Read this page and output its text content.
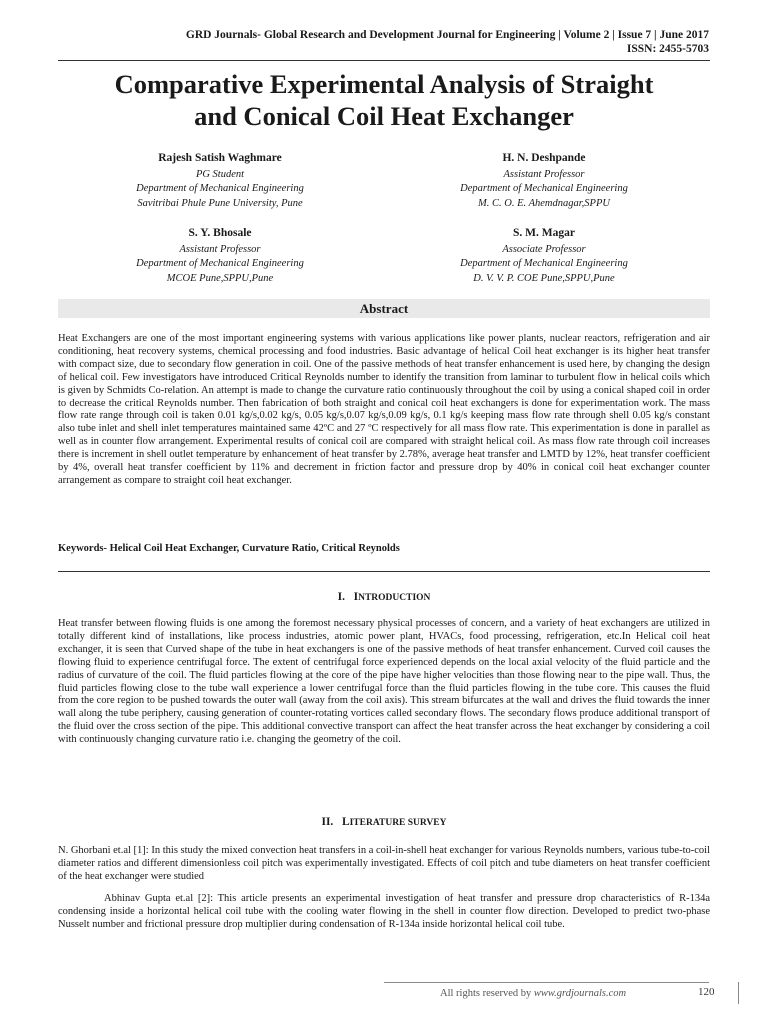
GRD Journals- Global Research and Development Journal for Engineering | Volume 2 | Issue 7 | June 2017
ISSN: 2455-5703
Comparative Experimental Analysis of Straight
and Conical Coil Heat Exchanger
Rajesh Satish Waghmare
PG Student
Department of Mechanical Engineering
Savitribai Phule Pune University, Pune
H. N. Deshpande
Assistant Professor
Department of Mechanical Engineering
M. C. O. E. Ahemdnagar,SPPU
S. Y. Bhosale
Assistant Professor
Department of Mechanical Engineering
MCOE Pune,SPPU,Pune
S. M. Magar
Associate Professor
Department of Mechanical Engineering
D. V. V. P. COE Pune,SPPU,Pune
Abstract
Heat Exchangers are one of the most important engineering systems with various applications like power plants, nuclear reactors, refrigeration and air conditioning, heat recovery systems, chemical processing and food industries. Basic advantage of helical Coil heat exchanger is its higher heat transfer with compact size, due to secondary flow generation in coil. One of the passive methods of heat transfer enhancement is used here, by changing the design of helical coil. Few investigators have introduced Critical Reynolds number to identify the transition from laminar to turbulent flow in helical coils which is given by Schmidts Co-relation. An attempt is made to change the curvature ratio continuously throughout the coil by using a conical shaped coil in order to decrease the critical Reynolds number. Then fabrication of both straight and conical coil heat exchangers is done for experimentation work. The mass flow rate range through coil is taken 0.01 kg/s,0.02 kg/s, 0.05 kg/s,0.07 kg/s,0.09 kg/s, 0.1 kg/s keeping mass flow rate through shell 0.05 kg/s constant also tube inlet and shell inlet temperatures maintained same 42ºC and 27 ºC respectively for all mass flow rate. This experimentation is done in parallel as well as in counter flow arrangement. Experimental results of conical coil are compared with straight helical coil. As mass flow rate through coil increases there is increment in shell outlet temperature by enhancement of heat transfer by 2.78%, average heat transfer and LMTD by 12%, heat transfer coefficient by 4%, overall heat transfer coefficient by 11% and decrement in friction factor and pressure drop by 40% in conical coil heat exchanger counter arrangement as compare to straight coil heat exchanger.
Keywords- Helical Coil Heat Exchanger, Curvature Ratio, Critical Reynolds
I. INTRODUCTION
Heat transfer between flowing fluids is one among the foremost necessary physical processes of concern, and a variety of heat exchangers are utilized in totally different kind of installations, like process industries, atomic power plant, HVACs, food processing, refrigeration, etc.In Helical coil heat exchanger, it is seen that Curved shape of the tube in heat exchangers is one of the passive methods of heat transfer enhancement. Curved coil causes the flowing fluid to experience centrifugal force. The extent of centrifugal force experienced depends on the local axial velocity of the fluid particle and the radius of curvature of the coil. The fluid particles flowing at the core of the pipe have higher velocities than those flowing near to the pipe wall. Thus, the fluid particles flowing close to the tube wall experience a lower centrifugal force than the fluid particles flowing in the tube core. This causes the fluid from the core region to be pushed towards the outer wall (away from the coil axis). This stream bifurcates at the wall and drives the fluid towards the inner wall along the tube periphery, causing generation of counter-rotating vortices called secondary flows. The secondary flows produce additional transport of the fluid over the cross section of the pipe. This additional convective transport can affect the heat transfer across the heat exchanger by considering a coil with continuously changing curvature ratio i.e. changing the geometry of the coil.
II. LITERATURE SURVEY
N. Ghorbani et.al [1]: In this study the mixed convection heat transfers in a coil-in-shell heat exchanger for various Reynolds numbers, various tube-to-coil diameter ratios and different dimensionless coil pitch was experimentally investigated. Effects of coil pitch and tube diameters on heat transfer coefficient of the heat exchanger were studied
Abhinav Gupta et.al [2]: This article presents an experimental investigation of heat transfer and pressure drop characteristics of R-134a condensing inside a horizontal helical coil tube with the cooling water flowing in the shell in counter flow direction. Developed to predict two-phase Nusselt number and frictional pressure drop multiplier during condensation of R-134a inside horizontal helical coil tube.
All rights reserved by www.grdjournals.com	120
